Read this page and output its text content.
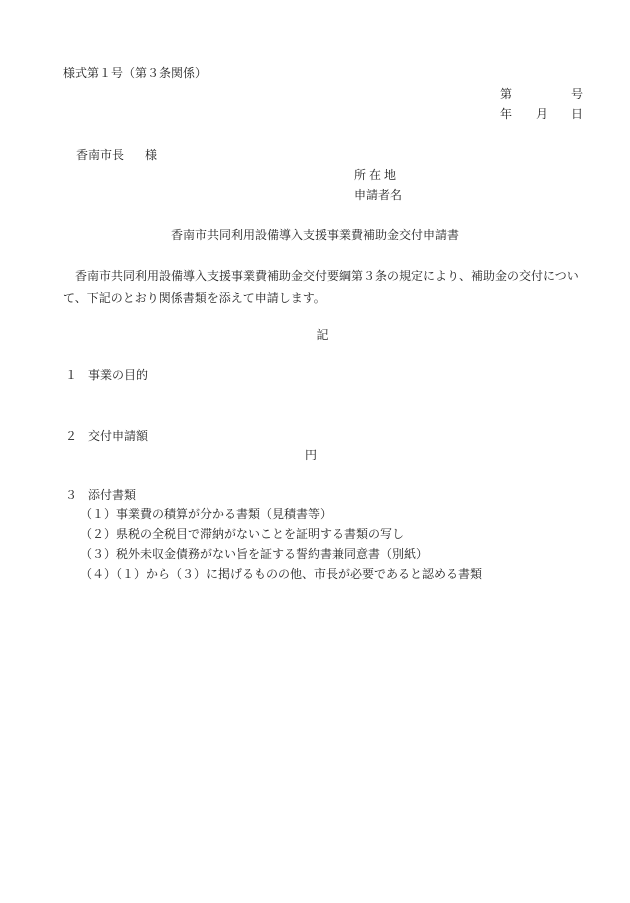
様式第１号（第３条関係）

第	号
年 月 日
香南市長 様
所在地
申請者名
香南市共同利用設備導入支援事業費補助金交付申請書

香南市共同利用設備導入支援事業費補助金交付要綱第３条の規定により、補助金の交付について、下記のとおり関係書類を添えて申請します。

記

１ 事業の目的
２ 交付申請額
円
３ 添付書類
（１）事業費の積算が分かる書類（見積書等）
（２）県税の全税目で滞納がないことを証明する書類の写し
（３）税外未収金債務がない旨を証する誓約書兼同意書（別紙）
（４）（１）から（３）に掲げるものの他、市長が必要であると認める書類
